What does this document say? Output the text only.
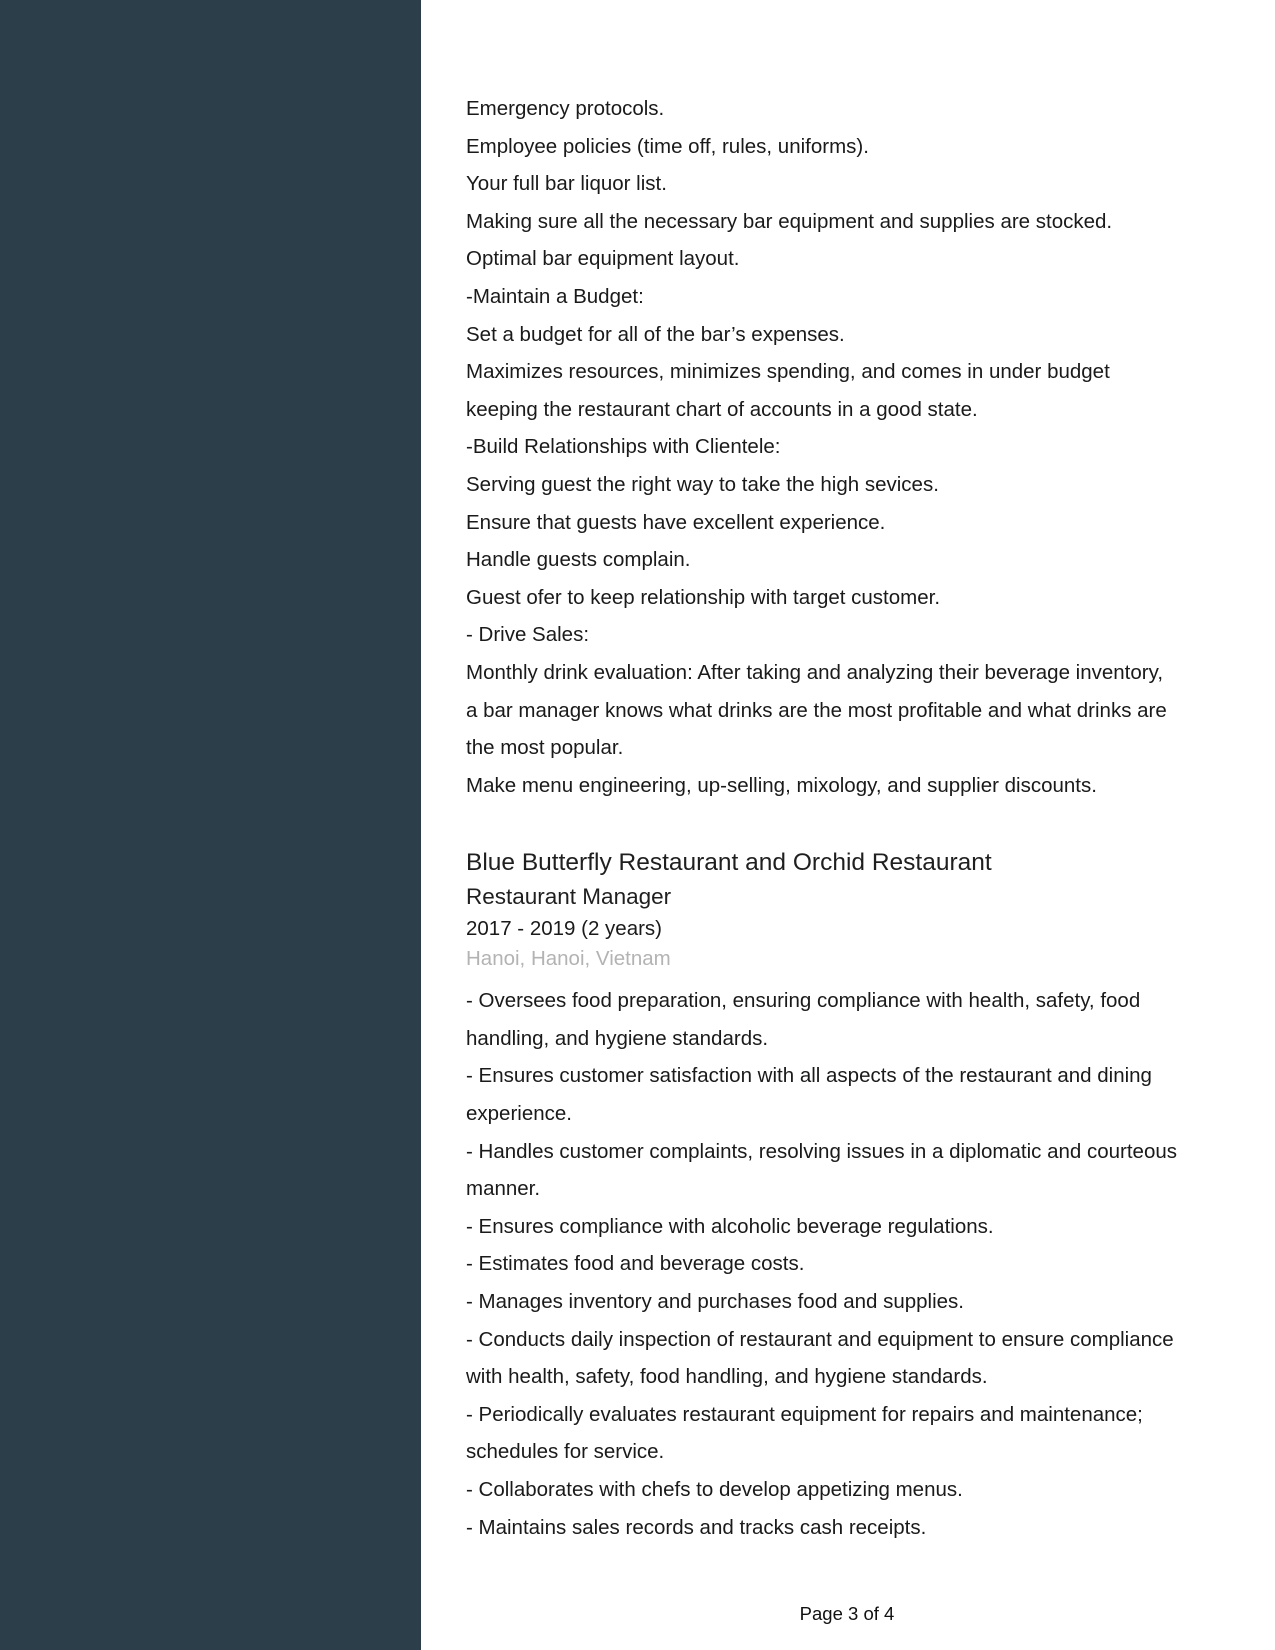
Emergency protocols.
Employee policies (time off, rules, uniforms).
Your full bar liquor list.
Making sure all the necessary bar equipment and supplies are stocked.
Optimal bar equipment layout.
-Maintain a Budget:
Set a budget for all of the bar’s expenses.
Maximizes resources, minimizes spending, and comes in under budget
keeping the restaurant chart of accounts in a good state.
-Build Relationships with Clientele:
Serving guest the right way to take the high sevices.
Ensure that guests have excellent experience.
Handle guests complain.
Guest ofer to keep relationship with target customer.
- Drive Sales:
Monthly drink evaluation: After taking and analyzing their beverage inventory,
a bar manager knows what drinks are the most profitable and what drinks are
the most popular.
Make menu engineering, up-selling, mixology, and supplier discounts.
Blue Butterfly Restaurant and Orchid Restaurant
Restaurant Manager
2017 - 2019 (2 years)
Hanoi, Hanoi, Vietnam
- Oversees food preparation, ensuring compliance with health, safety, food
handling, and hygiene standards.
- Ensures customer satisfaction with all aspects of the restaurant and dining
experience.
- Handles customer complaints, resolving issues in a diplomatic and courteous
manner.
- Ensures compliance with alcoholic beverage regulations.
- Estimates food and beverage costs.
- Manages inventory and purchases food and supplies.
- Conducts daily inspection of restaurant and equipment to ensure compliance
with health, safety, food handling, and hygiene standards.
- Periodically evaluates restaurant equipment for repairs and maintenance;
schedules for service.
- Collaborates with chefs to develop appetizing menus.
- Maintains sales records and tracks cash receipts.
Page 3 of 4
